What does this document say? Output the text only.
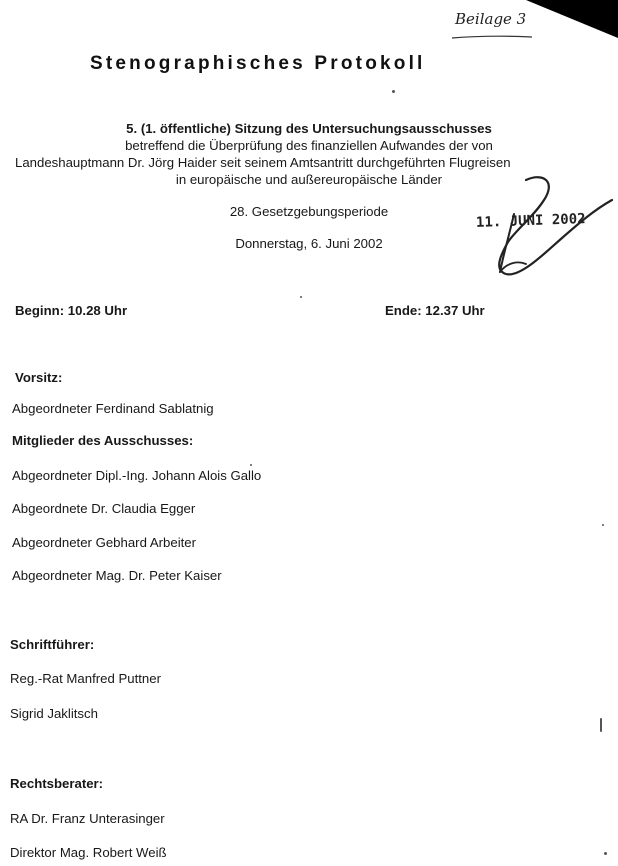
Beilage 3
Stenographisches Protokoll
5. (1. öffentliche) Sitzung des Untersuchungsausschusses
betreffend die Überprüfung des finanziellen Aufwandes der von
Landeshauptmann Dr. Jörg Haider seit seinem Amtsantritt durchgeführten Flugreisen
in europäische und außereuropäische Länder
28. Gesetzgebungsperiode
Donnerstag, 6. Juni 2002
11. JUNI 2002
Beginn: 10.28 Uhr	Ende: 12.37 Uhr
Vorsitz:
Abgeordneter Ferdinand Sablatnig
Mitglieder des Ausschusses:
Abgeordneter Dipl.-Ing. Johann Alois Gallo
Abgeordnete Dr. Claudia Egger
Abgeordneter Gebhard Arbeiter
Abgeordneter Mag. Dr. Peter Kaiser
Schriftführer:
Reg.-Rat Manfred Puttner
Sigrid Jaklitsch
Rechtsberater:
RA Dr. Franz Unterasinger
Direktor Mag. Robert Weiß
